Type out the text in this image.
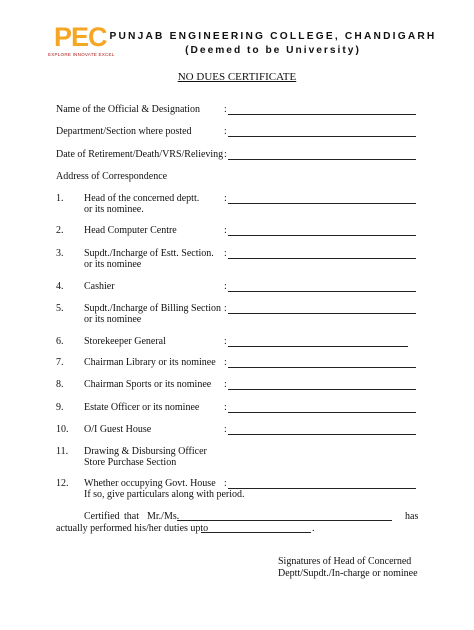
PEC
EXPLORE INNOVATE EXCEL
PUNJAB ENGINEERING COLLEGE, CHANDIGARH
(Deemed to be University)
NO DUES CERTIFICATE
Name of the Official & Designation :
Department/Section where posted	:
Date of Retirement/Death/VRS/Relieving :
Address of Correspondence
1. Head of the concerned deptt.
or its nominee.
:
2. Head Computer Centre	:
3. Supdt./Incharge of Estt. Section.
or its nominee
:
4. Cashier	:
5. Supdt./Incharge of Billing Section
or its nominee
:
6. Storekeeper General	:
7. Chairman Library or its nominee :
8. Chairman Sports or its nominee :
9. Estate Officer or its nominee :
10. O/I Guest House	:
11. Drawing & Disbursing Officer
Store Purchase Section
12. Whether occupying Govt. House
If so, give particulars along with period.
:
Certified that Mr./Ms.	has
actually performed his/her duties upto	.
Signatures of Head of Concerned
Deptt/Supdt./In-charge or nominee
